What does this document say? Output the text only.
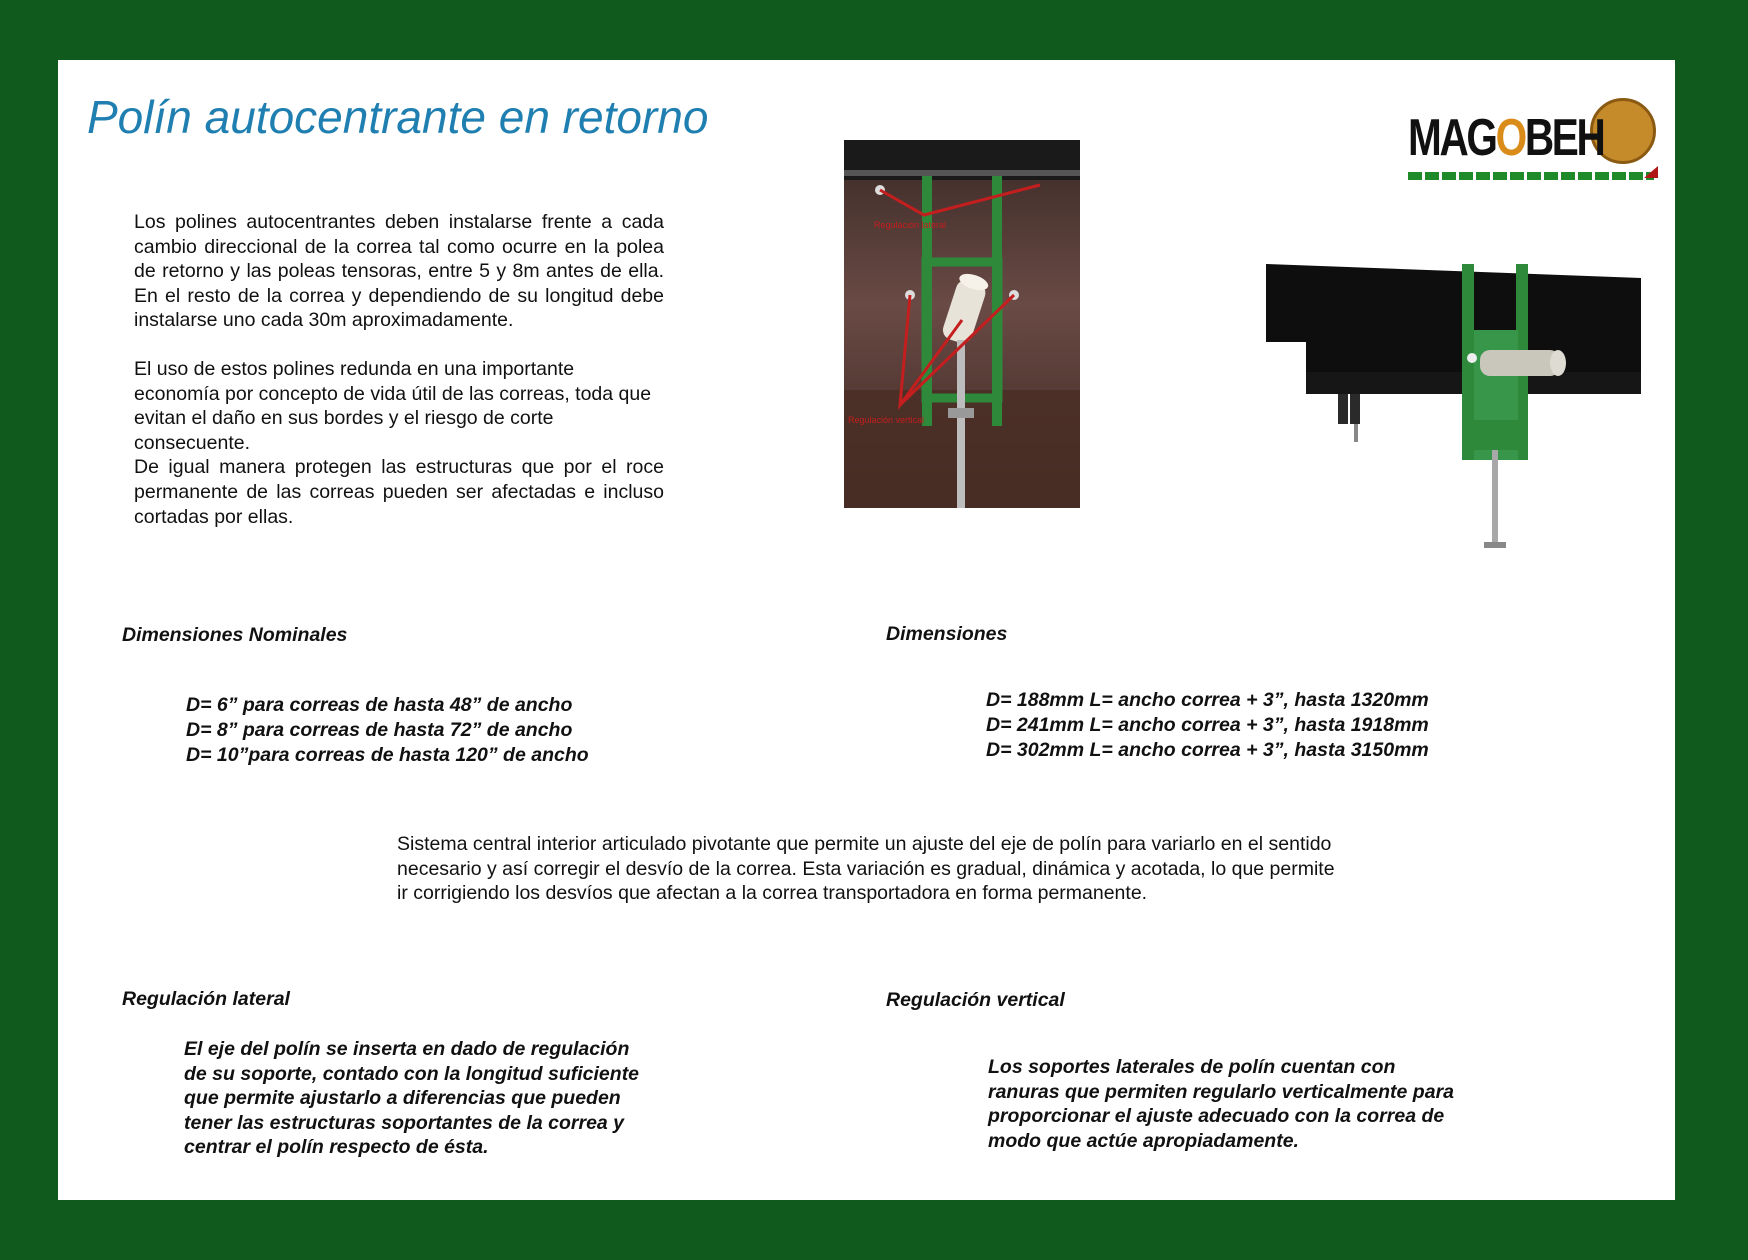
Polín autocentrante en retorno	MAGOBEH

Los polines autocentrantes deben instalarse frente a cada cambio direccional de la correa tal como ocurre en la polea de retorno y las poleas tensoras, entre 5 y 8m antes de ella. En el resto de la correa y dependiendo de su longitud debe instalarse uno cada 30m aproximadamente.

El uso de estos polines redunda en una importante economía por concepto de vida útil de las correas, toda que evitan el daño en sus bordes y el riesgo de corte consecuente.

De igual manera protegen las estructuras que por el roce permanente de las correas pueden ser afectadas e incluso cortadas por ellas.

Regulación lateral
Regulación vertical
Dimensiones Nominales
D= 6” para correas de hasta 48” de ancho
D= 8” para correas de hasta 72” de ancho
D= 10”para correas de hasta 120” de ancho
Dimensiones
D= 188mm L= ancho correa + 3”, hasta 1320mm
D= 241mm L= ancho correa + 3”, hasta 1918mm
D= 302mm L= ancho correa + 3”, hasta 3150mm

Sistema central interior articulado pivotante que permite un ajuste del eje de polín para variarlo en el sentido necesario y así corregir el desvío de la correa. Esta variación es gradual, dinámica y acotada, lo que permite ir corrigiendo los desvíos que afectan a la correa transportadora en forma permanente.

Regulación lateral

El eje del polín se inserta en dado de regulación de su soporte, contado con la longitud suficiente que permite ajustarlo a diferencias que pueden tener las estructuras soportantes de la correa y centrar el polín respecto de ésta.

Regulación vertical

Los soportes laterales de polín cuentan con ranuras que permiten regularlo verticalmente para proporcionar el ajuste adecuado con la correa de modo que actúe apropiadamente.
